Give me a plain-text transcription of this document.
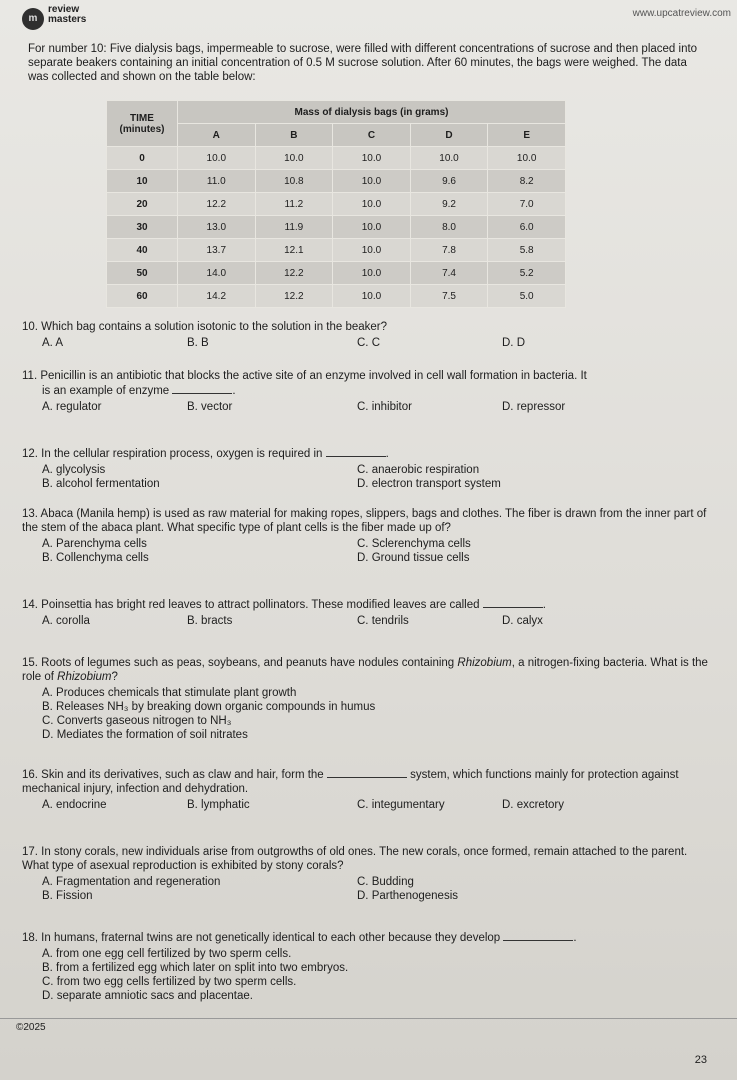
m
review
masters
www.upcatreview.com

For number 10: Five dialysis bags, impermeable to sucrose, were filled with different concentrations of sucrose and then placed into separate beakers containing an initial concentration of 0.5 M sucrose solution. After 60 minutes, the bags were weighed. The data was collected and shown on the table below:

TIME (minutes)	Mass of dialysis bags (in grams)				
	A	B	C	D	E
0	10.0	10.0	10.0	10.0	10.0
10	11.0	10.8	10.0	9.6	8.2
20	12.2	11.2	10.0	9.2	7.0
30	13.0	11.9	10.0	8.0	6.0
40	13.7	12.1	10.0	7.8	5.8
50	14.0	12.2	10.0	7.4	5.2
60	14.2	12.2	10.0	7.5	5.0

10. Which bag contains a solution isotonic to the solution in the beaker?

A. A	B. B	C. C	D. D

11. Penicillin is an antibiotic that blocks the active site of an enzyme involved in cell wall formation in bacteria. It

is an example of enzyme	.

A. regulator	B. vector	C. inhibitor	D. repressor

12. In the cellular respiration process, oxygen is required in	.

A. glycolysis	C. anaerobic respiration
B. alcohol fermentation	D. electron transport system

13. Abaca (Manila hemp) is used as raw material for making ropes, slippers, bags and clothes. The fiber is drawn from the inner part of the stem of the abaca plant. What specific type of plant cells is the fiber made up of?

A. Parenchyma cells	C. Sclerenchyma cells
B. Collenchyma cells	D. Ground tissue cells

14. Poinsettia has bright red leaves to attract pollinators. These modified leaves are called	.

A. corolla	B. bracts	C. tendrils	D. calyx

15. Roots of legumes such as peas, soybeans, and peanuts have nodules containing Rhizobium, a nitrogen-fixing bacteria. What is the role of Rhizobium?

A. Produces chemicals that stimulate plant growth
B. Releases NH₃ by breaking down organic compounds in humus
C. Converts gaseous nitrogen to NH₃
D. Mediates the formation of soil nitrates

16. Skin and its derivatives, such as claw and hair, form the	system, which functions mainly for protection against mechanical injury, infection and dehydration.

A. endocrine	B. lymphatic	C. integumentary	D. excretory

17. In stony corals, new individuals arise from outgrowths of old ones. The new corals, once formed, remain attached to the parent. What type of asexual reproduction is exhibited by stony corals?

A. Fragmentation and regeneration	C. Budding
B. Fission	D. Parthenogenesis

18. In humans, fraternal twins are not genetically identical to each other because they develop	.

A. from one egg cell fertilized by two sperm cells.
B. from a fertilized egg which later on split into two embryos.
C. from two egg cells fertilized by two sperm cells.
D. separate amniotic sacs and placentae.
©2025
23
